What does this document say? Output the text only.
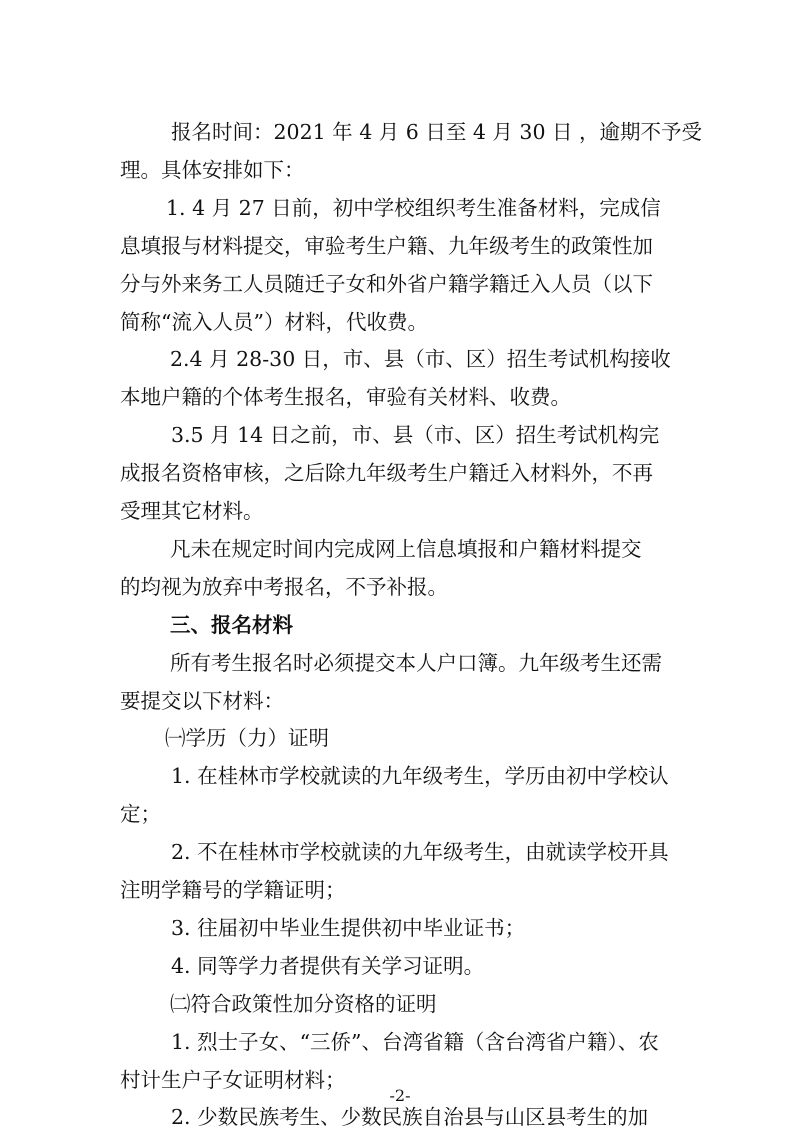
报名时间：2021 年 4 月 6 日至 4 月 30 日 ，逾期不予受
理。具体安排如下：
1. 4 月 27 日前，初中学校组织考生准备材料，完成信
息填报与材料提交，审验考生户籍、九年级考生的政策性加
分与外来务工人员随迁子女和外省户籍学籍迁入人员（以下
简称“流入人员”）材料，代收费。
2.4 月 28-30 日，市、县（市、区）招生考试机构接收
本地户籍的个体考生报名，审验有关材料、收费。
3.5 月 14 日之前，市、县（市、区）招生考试机构完
成报名资格审核，之后除九年级考生户籍迁入材料外，不再
受理其它材料。
凡未在规定时间内完成网上信息填报和户籍材料提交
的均视为放弃中考报名，不予补报。
三、报名材料
所有考生报名时必须提交本人户口簿。九年级考生还需
要提交以下材料：
㈠学历（力）证明
1. 在桂林市学校就读的九年级考生，学历由初中学校认
定；
2. 不在桂林市学校就读的九年级考生，由就读学校开具
注明学籍号的学籍证明；
3. 往届初中毕业生提供初中毕业证书；
4. 同等学力者提供有关学习证明。
㈡符合政策性加分资格的证明
1. 烈士子女、“三侨”、台湾省籍（含台湾省户籍）、农
村计生户子女证明材料；
2. 少数民族考生、少数民族自治县与山区县考生的加
-2-
